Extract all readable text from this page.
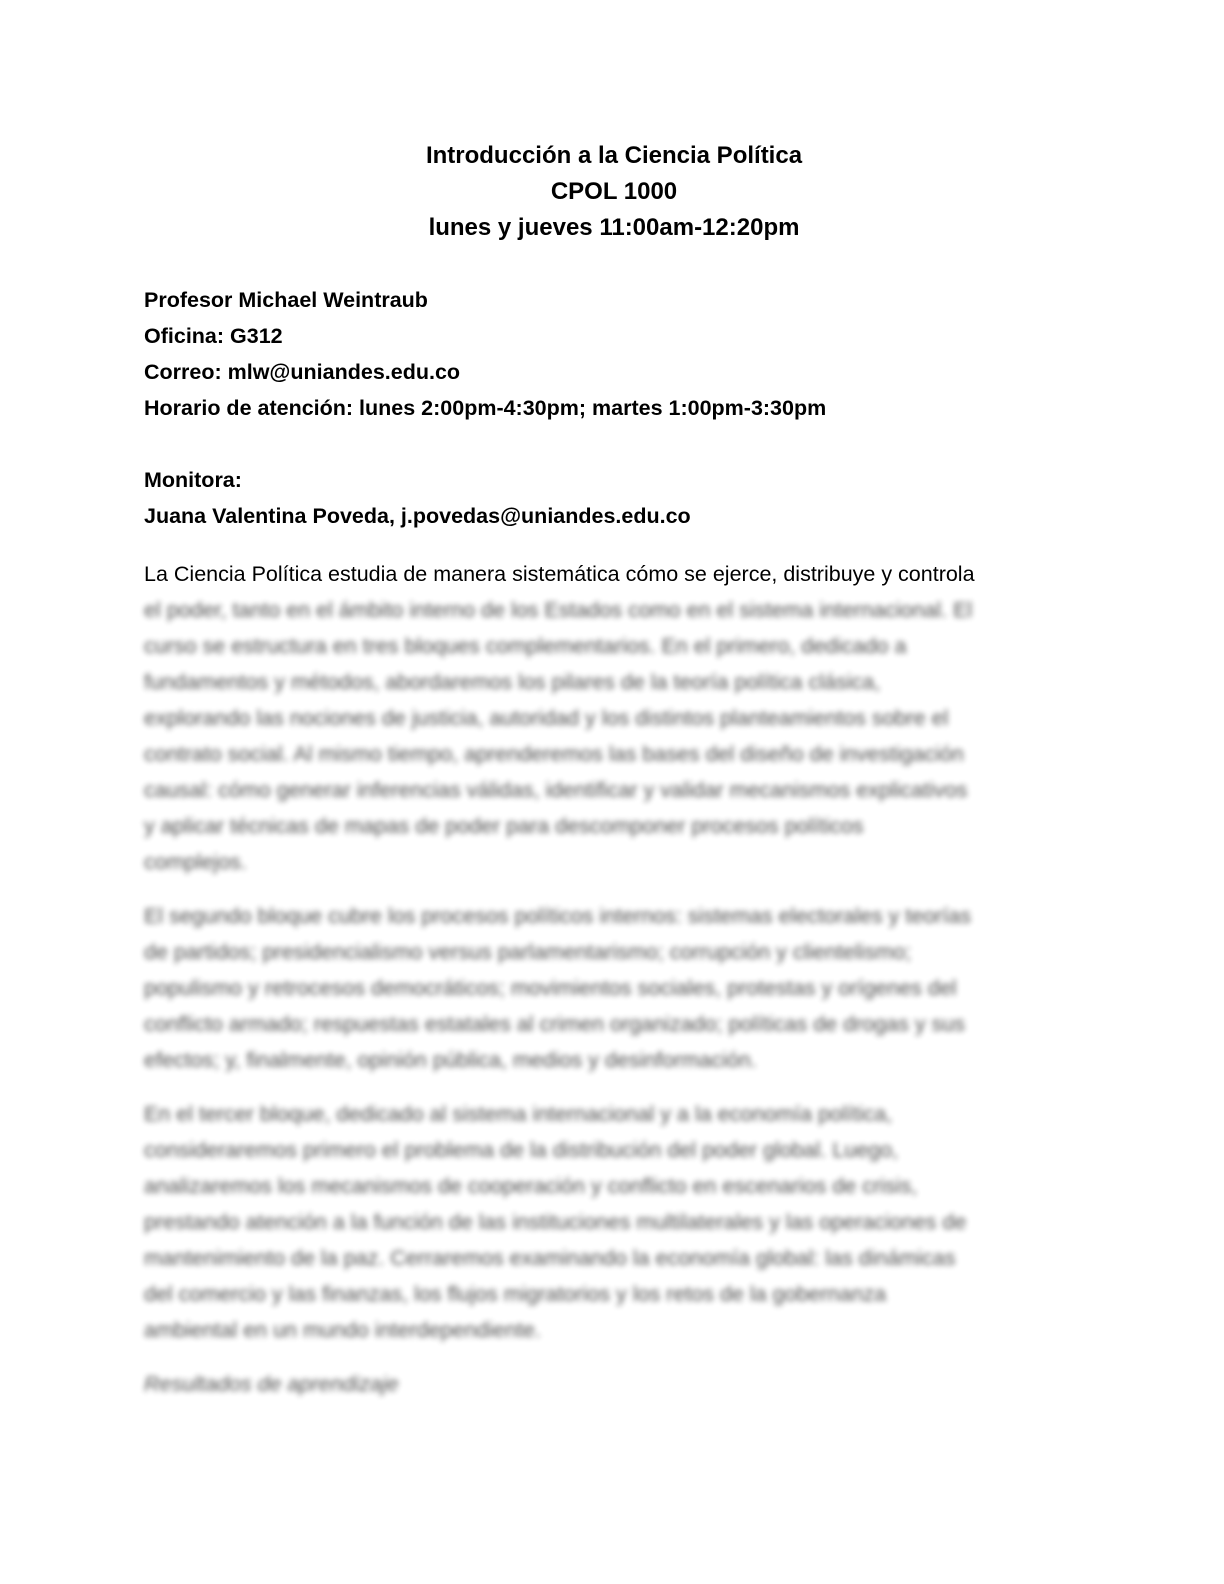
Introducción a la Ciencia Política
CPOL 1000
lunes y jueves 11:00am-12:20pm
Profesor Michael Weintraub
Oficina: G312
Correo: mlw@uniandes.edu.co
Horario de atención: lunes 2:00pm-4:30pm; martes 1:00pm-3:30pm
Monitora:
Juana Valentina Poveda, j.povedas@uniandes.edu.co
La Ciencia Política estudia de manera sistemática cómo se ejerce, distribuye y controla
el poder, tanto en el ámbito interno de los Estados como en el sistema internacional. El
curso se estructura en tres bloques complementarios. En el primero, dedicado a
fundamentos y métodos, abordaremos los pilares de la teoría política clásica,
explorando las nociones de justicia, autoridad y los distintos planteamientos sobre el
contrato social. Al mismo tiempo, aprenderemos las bases del diseño de investigación
causal: cómo generar inferencias válidas, identificar y validar mecanismos explicativos
y aplicar técnicas de mapas de poder para descomponer procesos políticos
complejos.
El segundo bloque cubre los procesos políticos internos: sistemas electorales y teorías
de partidos; presidencialismo versus parlamentarismo; corrupción y clientelismo;
populismo y retrocesos democráticos; movimientos sociales, protestas y orígenes del
conflicto armado; respuestas estatales al crimen organizado; políticas de drogas y sus
efectos; y, finalmente, opinión pública, medios y desinformación.
En el tercer bloque, dedicado al sistema internacional y a la economía política,
consideraremos primero el problema de la distribución del poder global. Luego,
analizaremos los mecanismos de cooperación y conflicto en escenarios de crisis,
prestando atención a la función de las instituciones multilaterales y las operaciones de
mantenimiento de la paz. Cerraremos examinando la economía global: las dinámicas
del comercio y las finanzas, los flujos migratorios y los retos de la gobernanza
ambiental en un mundo interdependiente.
Resultados de aprendizaje
